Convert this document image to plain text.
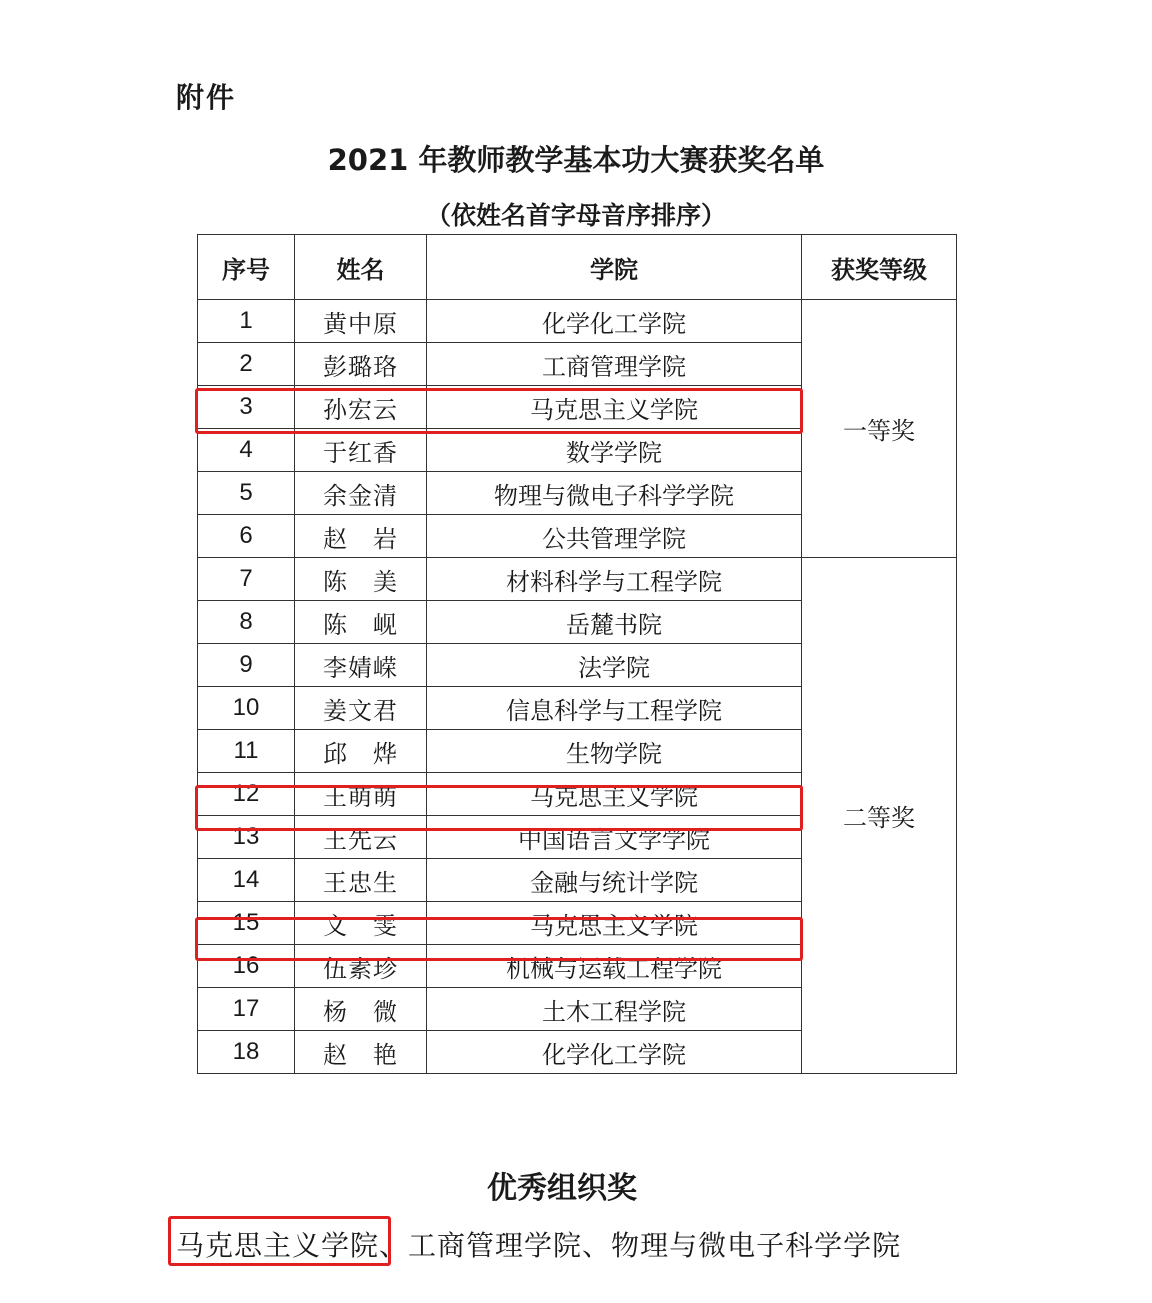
附件
2021 年教师教学基本功大赛获奖名单
（依姓名首字母音序排序）
序号	姓名	学院	获奖等级
1	黄中原	化学化工学院	一等奖
2	彭璐珞	工商管理学院	
3	孙宏云	马克思主义学院	
4	于红香	数学学院	
5	余金清	物理与微电子科学学院	
6	赵　岩	公共管理学院	
7	陈　美	材料科学与工程学院	二等奖
8	陈　岘	岳麓书院	
9	李婧嵘	法学院	
10	姜文君	信息科学与工程学院	
11	邱　烨	生物学院	
12	王萌萌	马克思主义学院	
13	王先云	中国语言文学学院	
14	王忠生	金融与统计学院	
15	文　雯	马克思主义学院	
16	伍素珍	机械与运载工程学院	
17	杨　微	土木工程学院	
18	赵　艳	化学化工学院	
优秀组织奖
马克思主义学院、工商管理学院、物理与微电子科学学院
